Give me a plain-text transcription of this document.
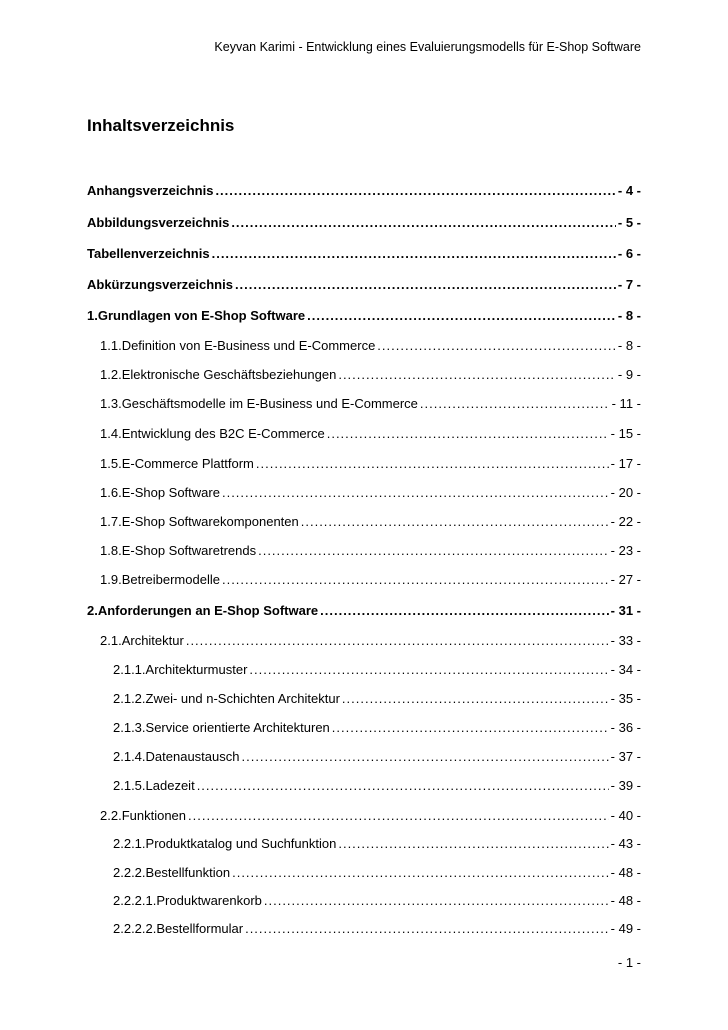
Keyvan Karimi - Entwicklung eines Evaluierungsmodells für E-Shop Software
Inhaltsverzeichnis
Anhangsverzeichnis .....	- 4 -
Abbildungsverzeichnis .....	- 5 -
Tabellenverzeichnis .....	- 6 -
Abkürzungsverzeichnis .....	- 7 -
1. Grundlagen von E-Shop Software .....	- 8 -
1.1. Definition von E-Business und E-Commerce .....	- 8 -
1.2. Elektronische Geschäftsbeziehungen .....	- 9 -
1.3. Geschäftsmodelle im E-Business und E-Commerce .....	- 11 -
1.4. Entwicklung des B2C E-Commerce .....	- 15 -
1.5. E-Commerce Plattform .....	- 17 -
1.6. E-Shop Software .....	- 20 -
1.7. E-Shop Softwarekomponenten .....	- 22 -
1.8. E-Shop Softwaretrends .....	- 23 -
1.9. Betreibermodelle .....	- 27 -
2. Anforderungen an E-Shop Software .....	- 31 -
2.1. Architektur .....	- 33 -
2.1.1. Architekturmuster .....	- 34 -
2.1.2. Zwei- und n-Schichten Architektur .....	- 35 -
2.1.3. Service orientierte Architekturen .....	- 36 -
2.1.4. Datenaustausch .....	- 37 -
2.1.5. Ladezeit .....	- 39 -
2.2. Funktionen .....	- 40 -
2.2.1. Produktkatalog und Suchfunktion .....	- 43 -
2.2.2. Bestellfunktion .....	- 48 -
2.2.2.1. Produktwarenkorb .....	- 48 -
2.2.2.2. Bestellformular .....	- 49 -
- 1 -
